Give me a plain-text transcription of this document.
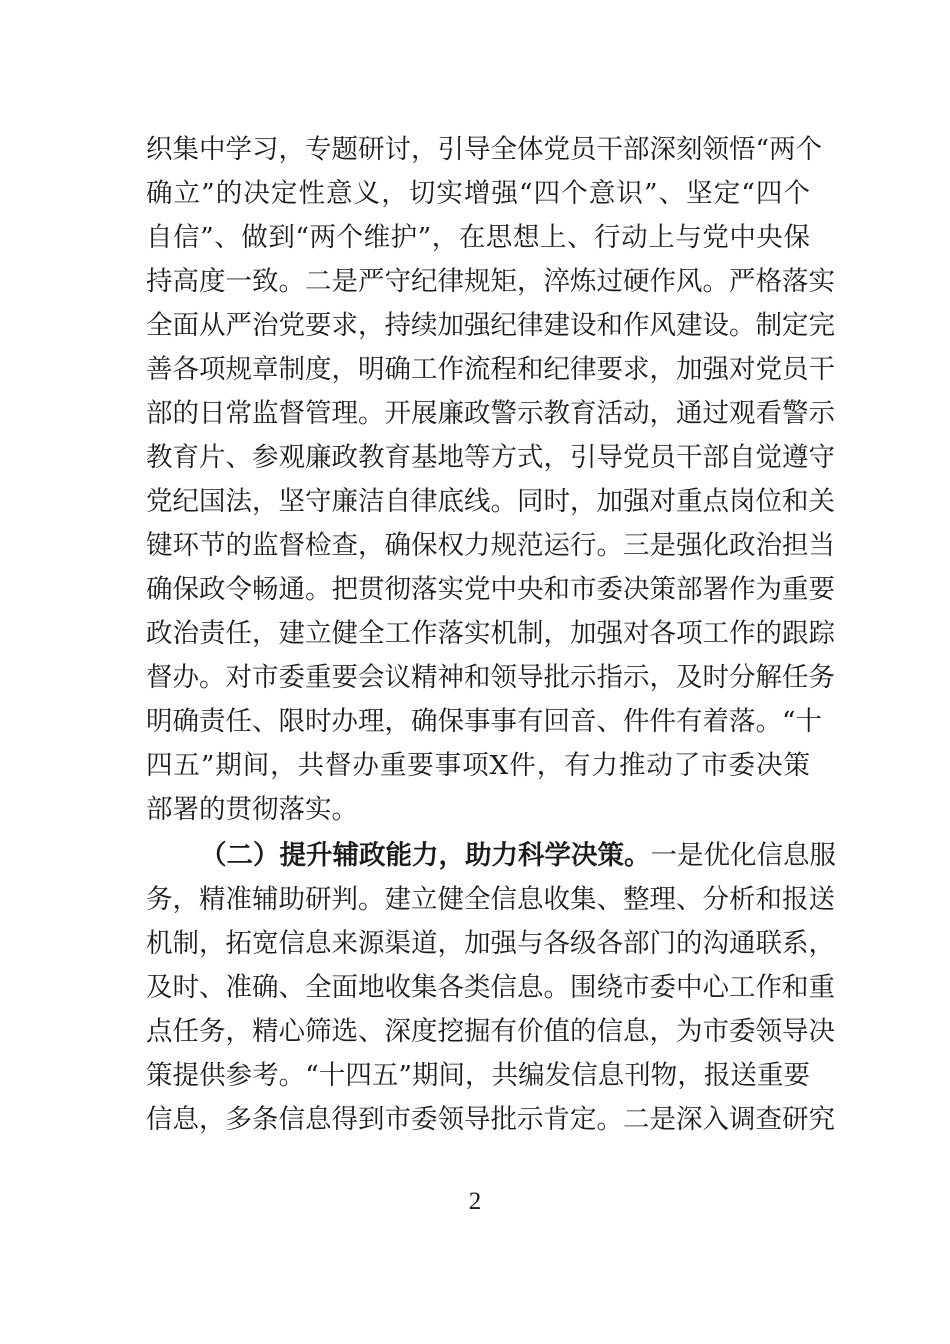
织集中学习，专题研讨，引导全体党员干部深刻领悟“两个
确立”的决定性意义，切实增强“四个意识”、坚定“四个
自信”、做到“两个维护”，在思想上、行动上与党中央保
持高度一致。二是严守纪律规矩，淬炼过硬作风。严格落实
全面从严治党要求，持续加强纪律建设和作风建设。制定完
善各项规章制度，明确工作流程和纪律要求，加强对党员干
部的日常监督管理。开展廉政警示教育活动，通过观看警示
教育片、参观廉政教育基地等方式，引导党员干部自觉遵守
党纪国法，坚守廉洁自律底线。同时，加强对重点岗位和关
键环节的监督检查，确保权力规范运行。三是强化政治担当
确保政令畅通。把贯彻落实党中央和市委决策部署作为重要
政治责任，建立健全工作落实机制，加强对各项工作的跟踪
督办。对市委重要会议精神和领导批示指示，及时分解任务
明确责任、限时办理，确保事事有回音、件件有着落。“十
四五”期间，共督办重要事项X件，有力推动了市委决策
部署的贯彻落实。
（二）提升辅政能力，助力科学决策。一是优化信息服
务，精准辅助研判。建立健全信息收集、整理、分析和报送
机制，拓宽信息来源渠道，加强与各级各部门的沟通联系，
及时、准确、全面地收集各类信息。围绕市委中心工作和重
点任务，精心筛选、深度挖掘有价值的信息，为市委领导决
策提供参考。“十四五”期间，共编发信息刊物，报送重要
信息，多条信息得到市委领导批示肯定。二是深入调查研究
2
